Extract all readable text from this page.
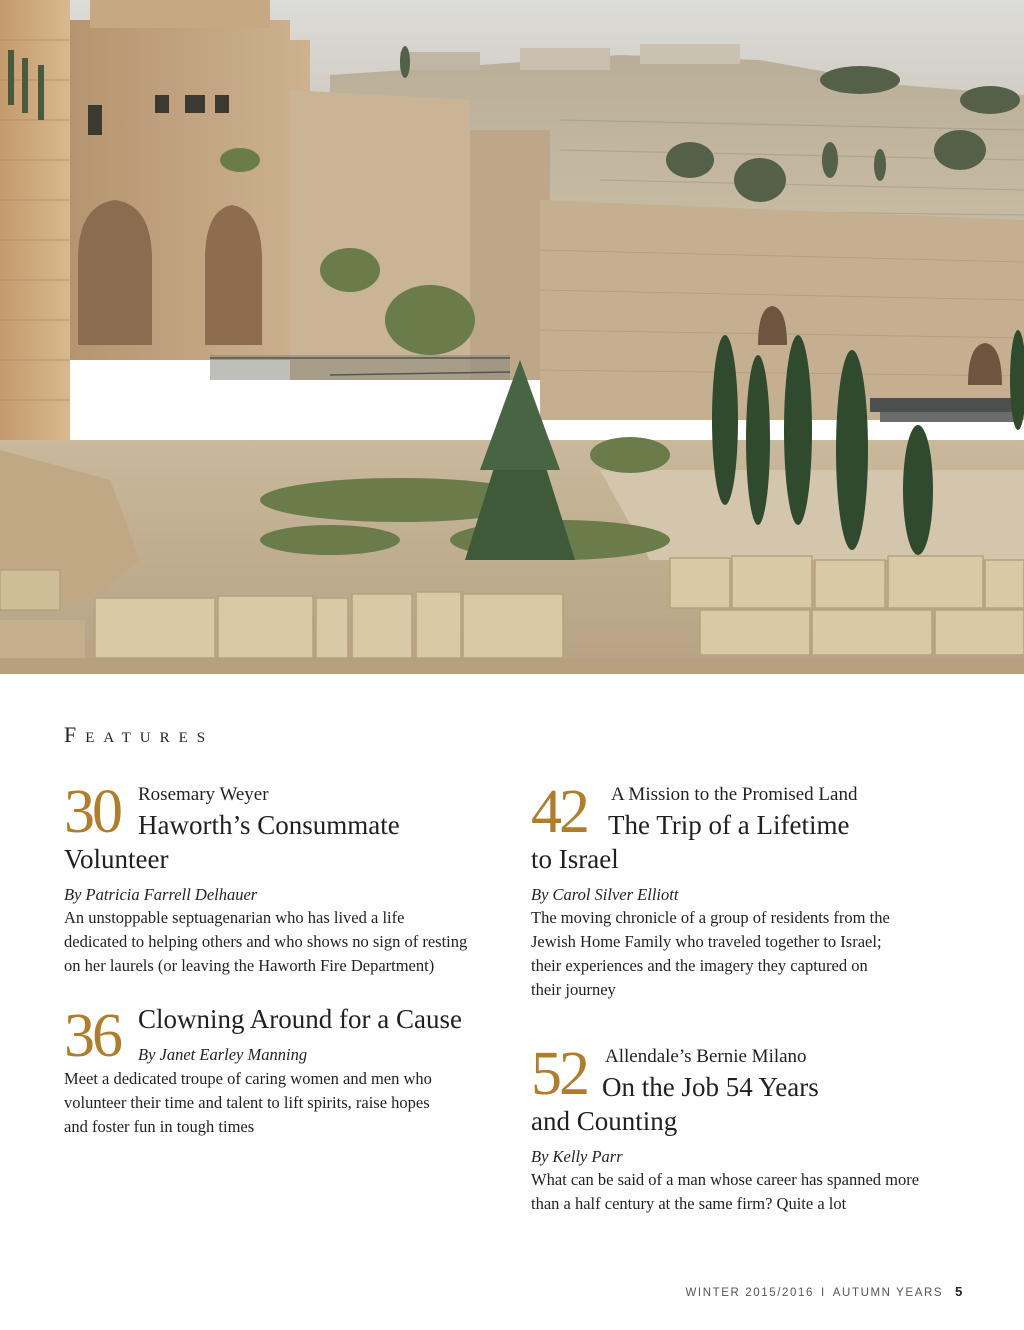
Features
30 Rosemary Weyer
Haworth’s Consummate
Volunteer
By Patricia Farrell Delhauer

An unstoppable septuagenarian who has lived a life
dedicated to helping others and who shows no sign of resting
on her laurels (or leaving the Haworth Fire Department)

36 Clowning Around for a Cause
By Janet Earley Manning

Meet a dedicated troupe of caring women and men who
volunteer their time and talent to lift spirits, raise hopes
and foster fun in tough times

42 A Mission to the Promised Land
The Trip of a Lifetime
to Israel
By Carol Silver Elliott

The moving chronicle of a group of residents from the
Jewish Home Family who traveled together to Israel;
their experiences and the imagery they captured on
their journey

52 Allendale’s Bernie Milano
On the Job 54 Years
and Counting
By Kelly Parr

What can be said of a man whose career has spanned more
than a half century at the same firm? Quite a lot

WINTER 2015/2016 I AUTUMN YEARS 5
